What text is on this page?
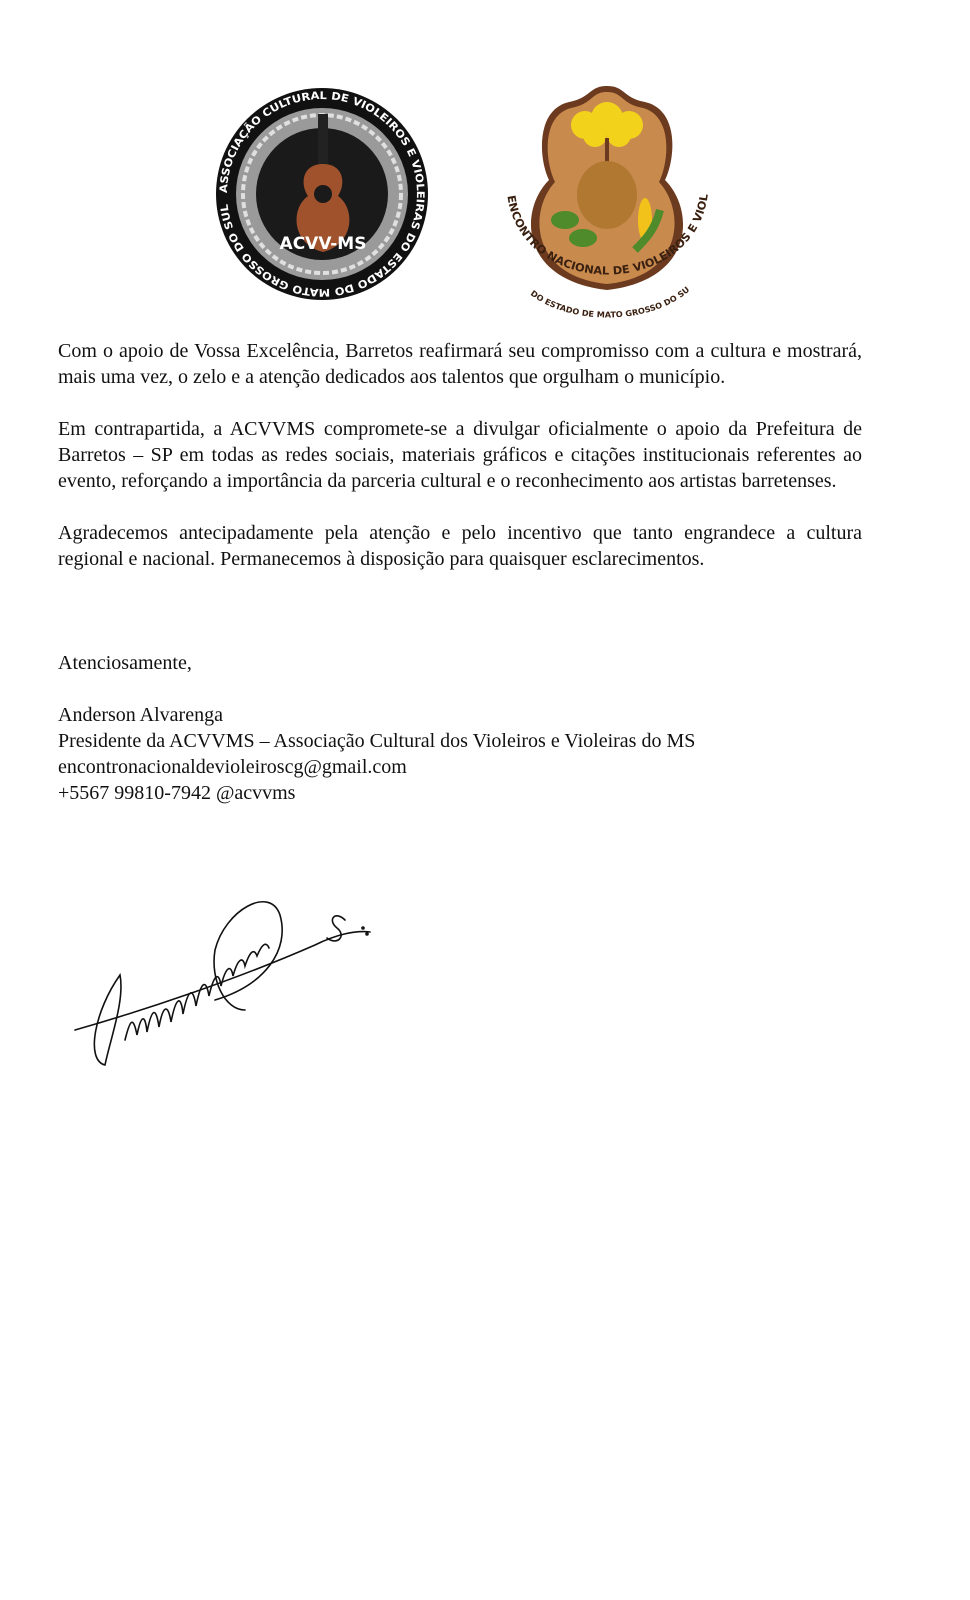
Com o apoio de Vossa Excelência, Barretos reafirmará seu compromisso com a cultura e mostrará, mais uma vez, o zelo e a atenção dedicados aos talentos que orgulham o município.

Em contrapartida, a ACVVMS compromete-se a divulgar oficialmente o apoio da Prefeitura de Barretos – SP em todas as redes sociais, materiais gráficos e citações institucionais referentes ao evento, reforçando a importância da parceria cultural e o reconhecimento aos artistas barretenses.

Agradecemos antecipadamente pela atenção e pelo incentivo que tanto engrandece a cultura regional e nacional. Permanecemos à disposição para quaisquer esclarecimentos.

Atenciosamente,

Anderson Alvarenga

Presidente da ACVVMS – Associação Cultural dos Violeiros e Violeiras do MS

encontronacionaldevioleiroscg@gmail.com

+5567 99810-7942 @acvvms
